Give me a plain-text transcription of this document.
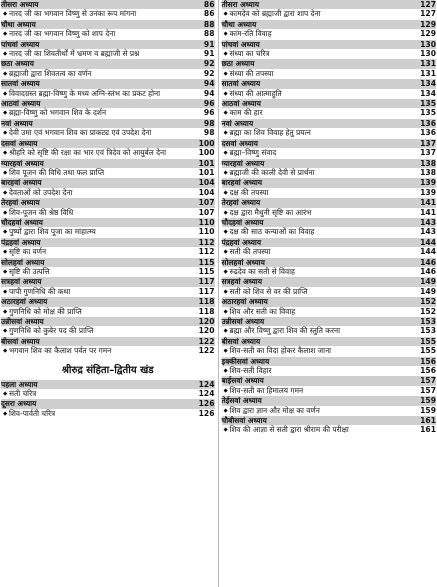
तीसरा अध्याय	86
◆ नारद जी का भगवान विष्णु से उनका रूप मांगना	86
चौथा अध्याय	88
◆ नारद जी का भगवान विष्णु को शाप देना	88
पांचवां अध्याय	91
◆ नारद जी का शिवतीर्थों में भ्रमण व ब्रह्माजी से प्रश्न	91
छठा अध्याय	92
◆ ब्रह्माजी द्वारा शिवतत्व का वर्णन	92
सातवां अध्याय	94
◆ विवादग्रस्त ब्रह्मा-विष्णु के मध्य अग्नि-स्तंभ का प्रकट होना	94
आठवां अध्याय	96
◆ ब्रह्मा-विष्णु को भगवान शिव के दर्शन	96
नवां अध्याय	98
◆ देवी उमा एवं भगवान शिव का प्राकट्य एवं उपदेश देना	98
दसवां अध्याय	100
◆ श्रीहरि को सृष्टि की रक्षा का भार एवं त्रिदेव को आयुर्बल देना	100
ग्यारहवां अध्याय	101
◆ शिव पूजन की विधि तथा फल प्राप्ति	101
बारहवां अध्याय	104
◆ देवताओं को उपदेश देना	104
तेरहवां अध्याय	107
◆ शिव-पूजन की श्रेष्ठ विधि	107
चौदहवां अध्याय	110
◆ पुष्पों द्वारा शिव पूजा का माहात्म्य	110
पंद्रहवां अध्याय	112
◆ सृष्टि का वर्णन	112
सोलहवां अध्याय	115
◆ सृष्टि की उत्पत्ति	115
सत्रहवां अध्याय	117
◆ पापी गुणनिधि की कथा	117
अठारहवां अध्याय	118
◆ गुणनिधि को मोक्ष की प्राप्ति	118
उन्नीसवां अध्याय	120
◆ गुणनिधि को कुबेर पद की प्राप्ति	120
बीसवां अध्याय	122
◆ भगवान शिव का कैलाश पर्वत पर गमन	122
श्रीरुद्र संहिता–द्वितीय खंड
पहला अध्याय	124
◆ सती चरित्र	124
दूसरा अध्याय	126
◆ शिव-पार्वती चरित्र	126
तीसरा अध्याय	127
◆ कामदेव को ब्रह्माजी द्वारा शाप देना	127
चौथा अध्याय	129
◆ काम-रति विवाह	129
पांचवां अध्याय	130
◆ संध्या का चरित्र	130
छठा अध्याय	131
◆ संध्या की तपस्या	131
सातवां अध्याय	134
◆ संध्या की आत्माहुति	134
आठवां अध्याय	135
◆ काम की हार	135
नवां अध्याय	136
◆ ब्रह्मा का शिव विवाह हेतु प्रयत्न	136
दसवां अध्याय	137
◆ ब्रह्मा–विष्णु संवाद	137
ग्यारहवां अध्याय	138
◆ ब्रह्माजी की काली देवी से प्रार्थना	138
बारहवां अध्याय	139
◆ दक्ष की तपस्या	139
तेरहवां अध्याय	141
◆ दक्ष द्वारा मैथुनी सृष्टि का आरंभ	141
चौदहवां अध्याय	143
◆ दक्ष की साठ कन्याओं का विवाह	143
पंद्रहवां अध्याय	144
◆ सती की तपस्या	144
सोलहवां अध्याय	146
◆ रुद्रदेव का सती से विवाह	146
सत्रहवां अध्याय	149
◆ सती को शिव से वर की प्राप्ति	149
अठारहवां अध्याय	152
◆ शिव और सती का विवाह	152
उन्नीसवां अध्याय	153
◆ ब्रह्मा और विष्णु द्वारा शिव की स्तुति करना	153
बीसवां अध्याय	155
◆ शिव-सती का विदा होकर कैलाश जाना	155
इक्कीसवां अध्याय	156
◆ शिव-सती विहार	156
बाईसवां अध्याय	157
◆ शिव-सती का हिमालय गमन	157
तेईसवां अध्याय	159
◆ शिव द्वारा ज्ञान और मोक्ष का वर्णन	159
चौबीसवां अध्याय	161
◆ शिव की आज्ञा से सती द्वारा श्रीराम की परीक्षा	161
